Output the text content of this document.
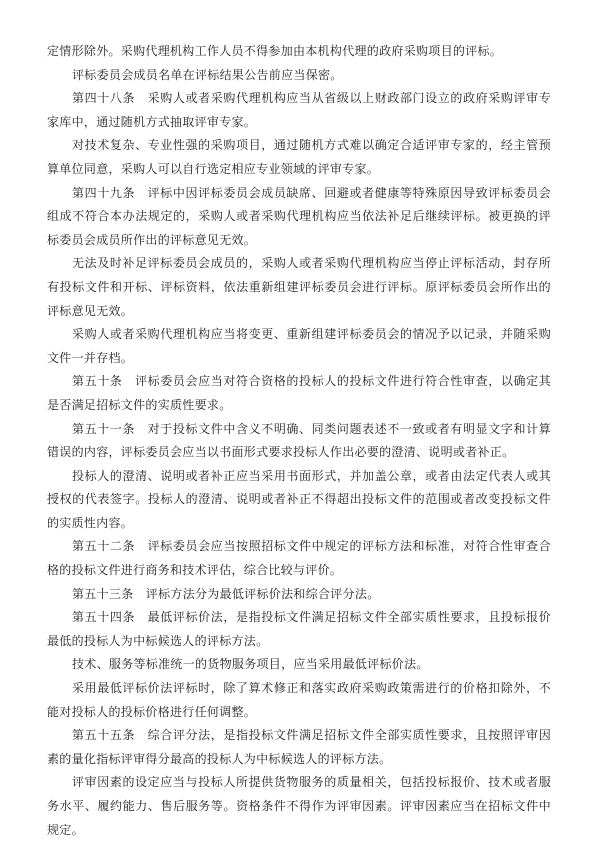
定情形除外。采购代理机构工作人员不得参加由本机构代理的政府采购项目的评标。

评标委员会成员名单在评标结果公告前应当保密。

第四十八条　采购人或者采购代理机构应当从省级以上财政部门设立的政府采购评审专家库中，通过随机方式抽取评审专家。

对技术复杂、专业性强的采购项目，通过随机方式难以确定合适评审专家的，经主管预算单位同意，采购人可以自行选定相应专业领域的评审专家。

第四十九条　评标中因评标委员会成员缺席、回避或者健康等特殊原因导致评标委员会组成不符合本办法规定的，采购人或者采购代理机构应当依法补足后继续评标。被更换的评标委员会成员所作出的评标意见无效。

无法及时补足评标委员会成员的，采购人或者采购代理机构应当停止评标活动，封存所有投标文件和开标、评标资料，依法重新组建评标委员会进行评标。原评标委员会所作出的评标意见无效。

采购人或者采购代理机构应当将变更、重新组建评标委员会的情况予以记录，并随采购文件一并存档。

第五十条　评标委员会应当对符合资格的投标人的投标文件进行符合性审查，以确定其是否满足招标文件的实质性要求。

第五十一条　对于投标文件中含义不明确、同类问题表述不一致或者有明显文字和计算错误的内容，评标委员会应当以书面形式要求投标人作出必要的澄清、说明或者补正。

投标人的澄清、说明或者补正应当采用书面形式，并加盖公章，或者由法定代表人或其授权的代表签字。投标人的澄清、说明或者补正不得超出投标文件的范围或者改变投标文件的实质性内容。

第五十二条　评标委员会应当按照招标文件中规定的评标方法和标准，对符合性审查合格的投标文件进行商务和技术评估，综合比较与评价。

第五十三条　评标方法分为最低评标价法和综合评分法。

第五十四条　最低评标价法，是指投标文件满足招标文件全部实质性要求，且投标报价最低的投标人为中标候选人的评标方法。

技术、服务等标准统一的货物服务项目，应当采用最低评标价法。

采用最低评标价法评标时，除了算术修正和落实政府采购政策需进行的价格扣除外，不能对投标人的投标价格进行任何调整。

第五十五条　综合评分法，是指投标文件满足招标文件全部实质性要求，且按照评审因素的量化指标评审得分最高的投标人为中标候选人的评标方法。

评审因素的设定应当与投标人所提供货物服务的质量相关，包括投标报价、技术或者服务水平、履约能力、售后服务等。资格条件不得作为评审因素。评审因素应当在招标文件中规定。
